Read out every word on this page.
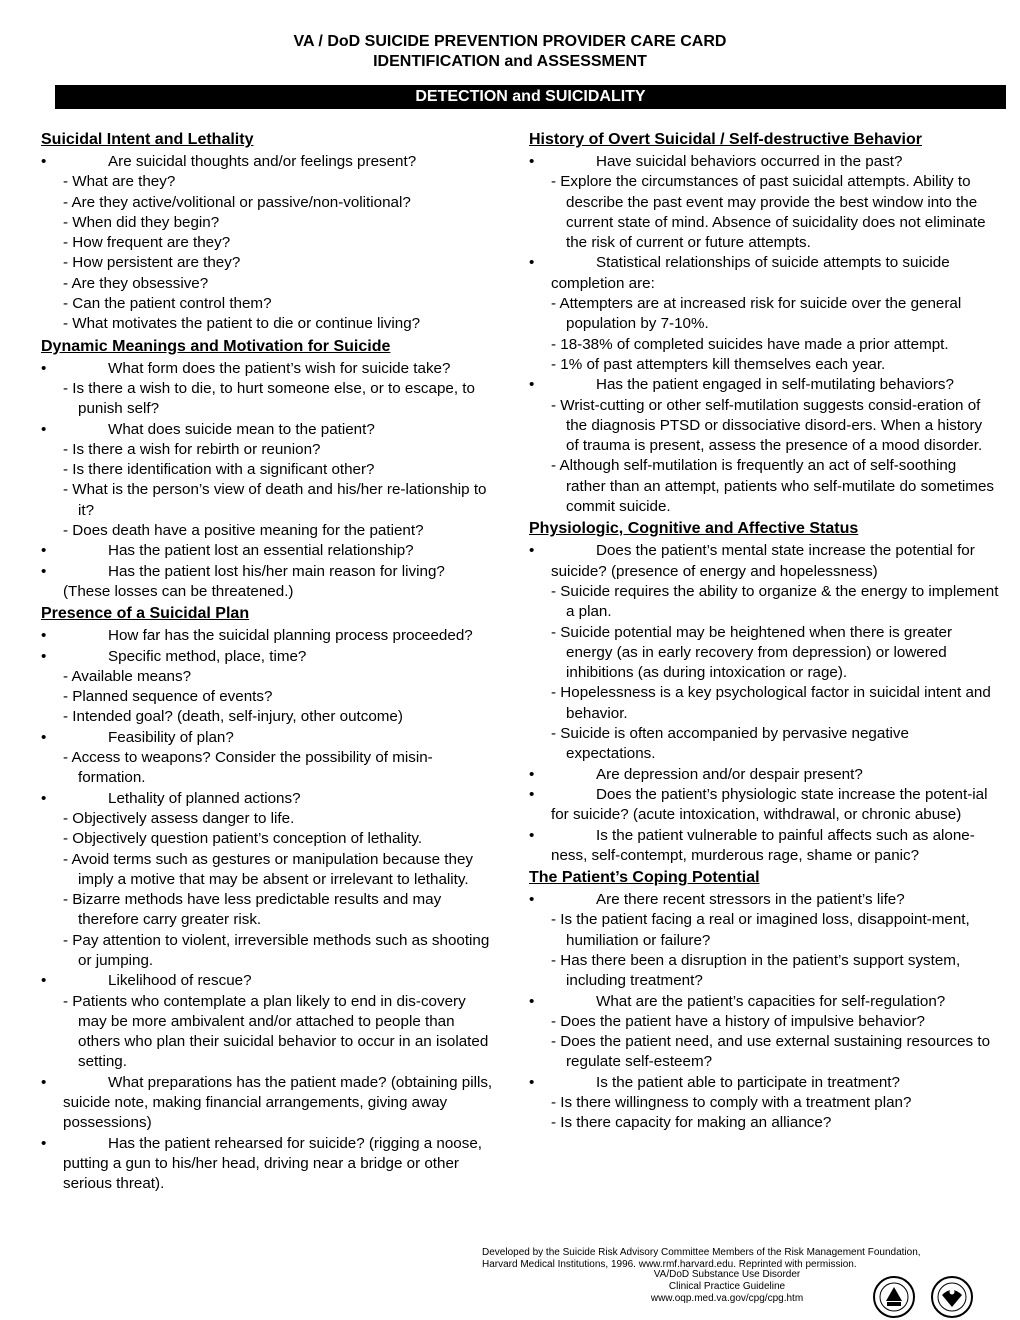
VA / DoD SUICIDE PREVENTION PROVIDER CARE CARD
IDENTIFICATION and ASSESSMENT
DETECTION and SUICIDALITY
Suicidal Intent and Lethality
•	Are suicidal thoughts and/or feelings present?
- What are they?
- Are they active/volitional or passive/non-volitional?
- When did they begin?
- How frequent are they?
- How persistent are they?
- Are they obsessive?
- Can the patient control them?
- What motivates the patient to die or continue living?
Dynamic Meanings and Motivation for Suicide
•	What form does the patient’s wish for suicide take?
- Is there a wish to die, to hurt someone else, or to escape, to punish self?
•	What does suicide mean to the patient?
- Is there a wish for rebirth or reunion?
- Is there identification with a significant other?
- What is the person’s view of death and his/her re-lationship to it?
- Does death have a positive meaning for the patient?
•	Has the patient lost an essential relationship?
•	Has the patient lost his/her main reason for living?
(These losses can be threatened.)
Presence of a Suicidal Plan
•	How far has the suicidal planning process proceeded?
•	Specific method, place, time?
- Available means?
- Planned sequence of events?
- Intended goal? (death, self-injury, other outcome)
•	Feasibility of plan?
- Access to weapons? Consider the possibility of misin-formation.
•	Lethality of planned actions?
- Objectively assess danger to life.
- Objectively question patient’s conception of lethality.
- Avoid terms such as gestures or manipulation because they imply a motive that may be absent or irrelevant to lethality.
- Bizarre methods have less predictable results and may therefore carry greater risk.
- Pay attention to violent, irreversible methods such as shooting or jumping.
•	Likelihood of rescue?
- Patients who contemplate a plan likely to end in dis-covery may be more ambivalent and/or attached to people than others who plan their suicidal behavior to occur in an isolated setting.
•	What preparations has the patient made? (obtaining pills, suicide note, making financial arrangements, giving away possessions)
•	Has the patient rehearsed for suicide? (rigging a noose, putting a gun to his/her head, driving near a bridge or other serious threat).
History of Overt Suicidal / Self-destructive Behavior
•	Have suicidal behaviors occurred in the past?
- Explore the circumstances of past suicidal attempts. Ability to describe the past event may provide the best window into the current state of mind. Absence of suicidality does not eliminate the risk of current or future attempts.
•	Statistical relationships of suicide attempts to suicide completion are:
- Attempters are at increased risk for suicide over the general population by 7-10%.
- 18-38% of completed suicides have made a prior attempt.
- 1% of past attempters kill themselves each year.
•	Has the patient engaged in self-mutilating behaviors?
- Wrist-cutting or other self-mutilation suggests consid-eration of the diagnosis PTSD or dissociative disord-ers. When a history of trauma is present, assess the presence of a mood disorder.
- Although self-mutilation is frequently an act of self-soothing rather than an attempt, patients who self-mutilate do sometimes commit suicide.
Physiologic, Cognitive and Affective Status
•	Does the patient’s mental state increase the potential for suicide? (presence of energy and hopelessness)
- Suicide requires the ability to organize & the energy to implement a plan.
- Suicide potential may be heightened when there is greater energy (as in early recovery from depression) or lowered inhibitions (as during intoxication or rage).
- Hopelessness is a key psychological factor in suicidal intent and behavior.
- Suicide is often accompanied by pervasive negative expectations.
•	Are depression and/or despair present?
•	Does the patient’s physiologic state increase the potent-ial for suicide? (acute intoxication, withdrawal, or chronic abuse)
•	Is the patient vulnerable to painful affects such as alone-ness, self-contempt, murderous rage, shame or panic?
The Patient’s Coping Potential
•	Are there recent stressors in the patient’s life?
- Is the patient facing a real or imagined loss, disappoint-ment, humiliation or failure?
- Has there been a disruption in the patient’s support system, including treatment?
•	What are the patient’s capacities for self-regulation?
- Does the patient have a history of impulsive behavior?
- Does the patient need, and use external sustaining resources to regulate self-esteem?
•	Is the patient able to participate in treatment?
- Is there willingness to comply with a treatment plan?
- Is there capacity for making an alliance?
Developed by the Suicide Risk Advisory Committee Members of the Risk Management Foundation,
Harvard Medical Institutions, 1996. www.rmf.harvard.edu. Reprinted with permission.
VA/DoD Substance Use Disorder
Clinical Practice Guideline
www.oqp.med.va.gov/cpg/cpg.htm
